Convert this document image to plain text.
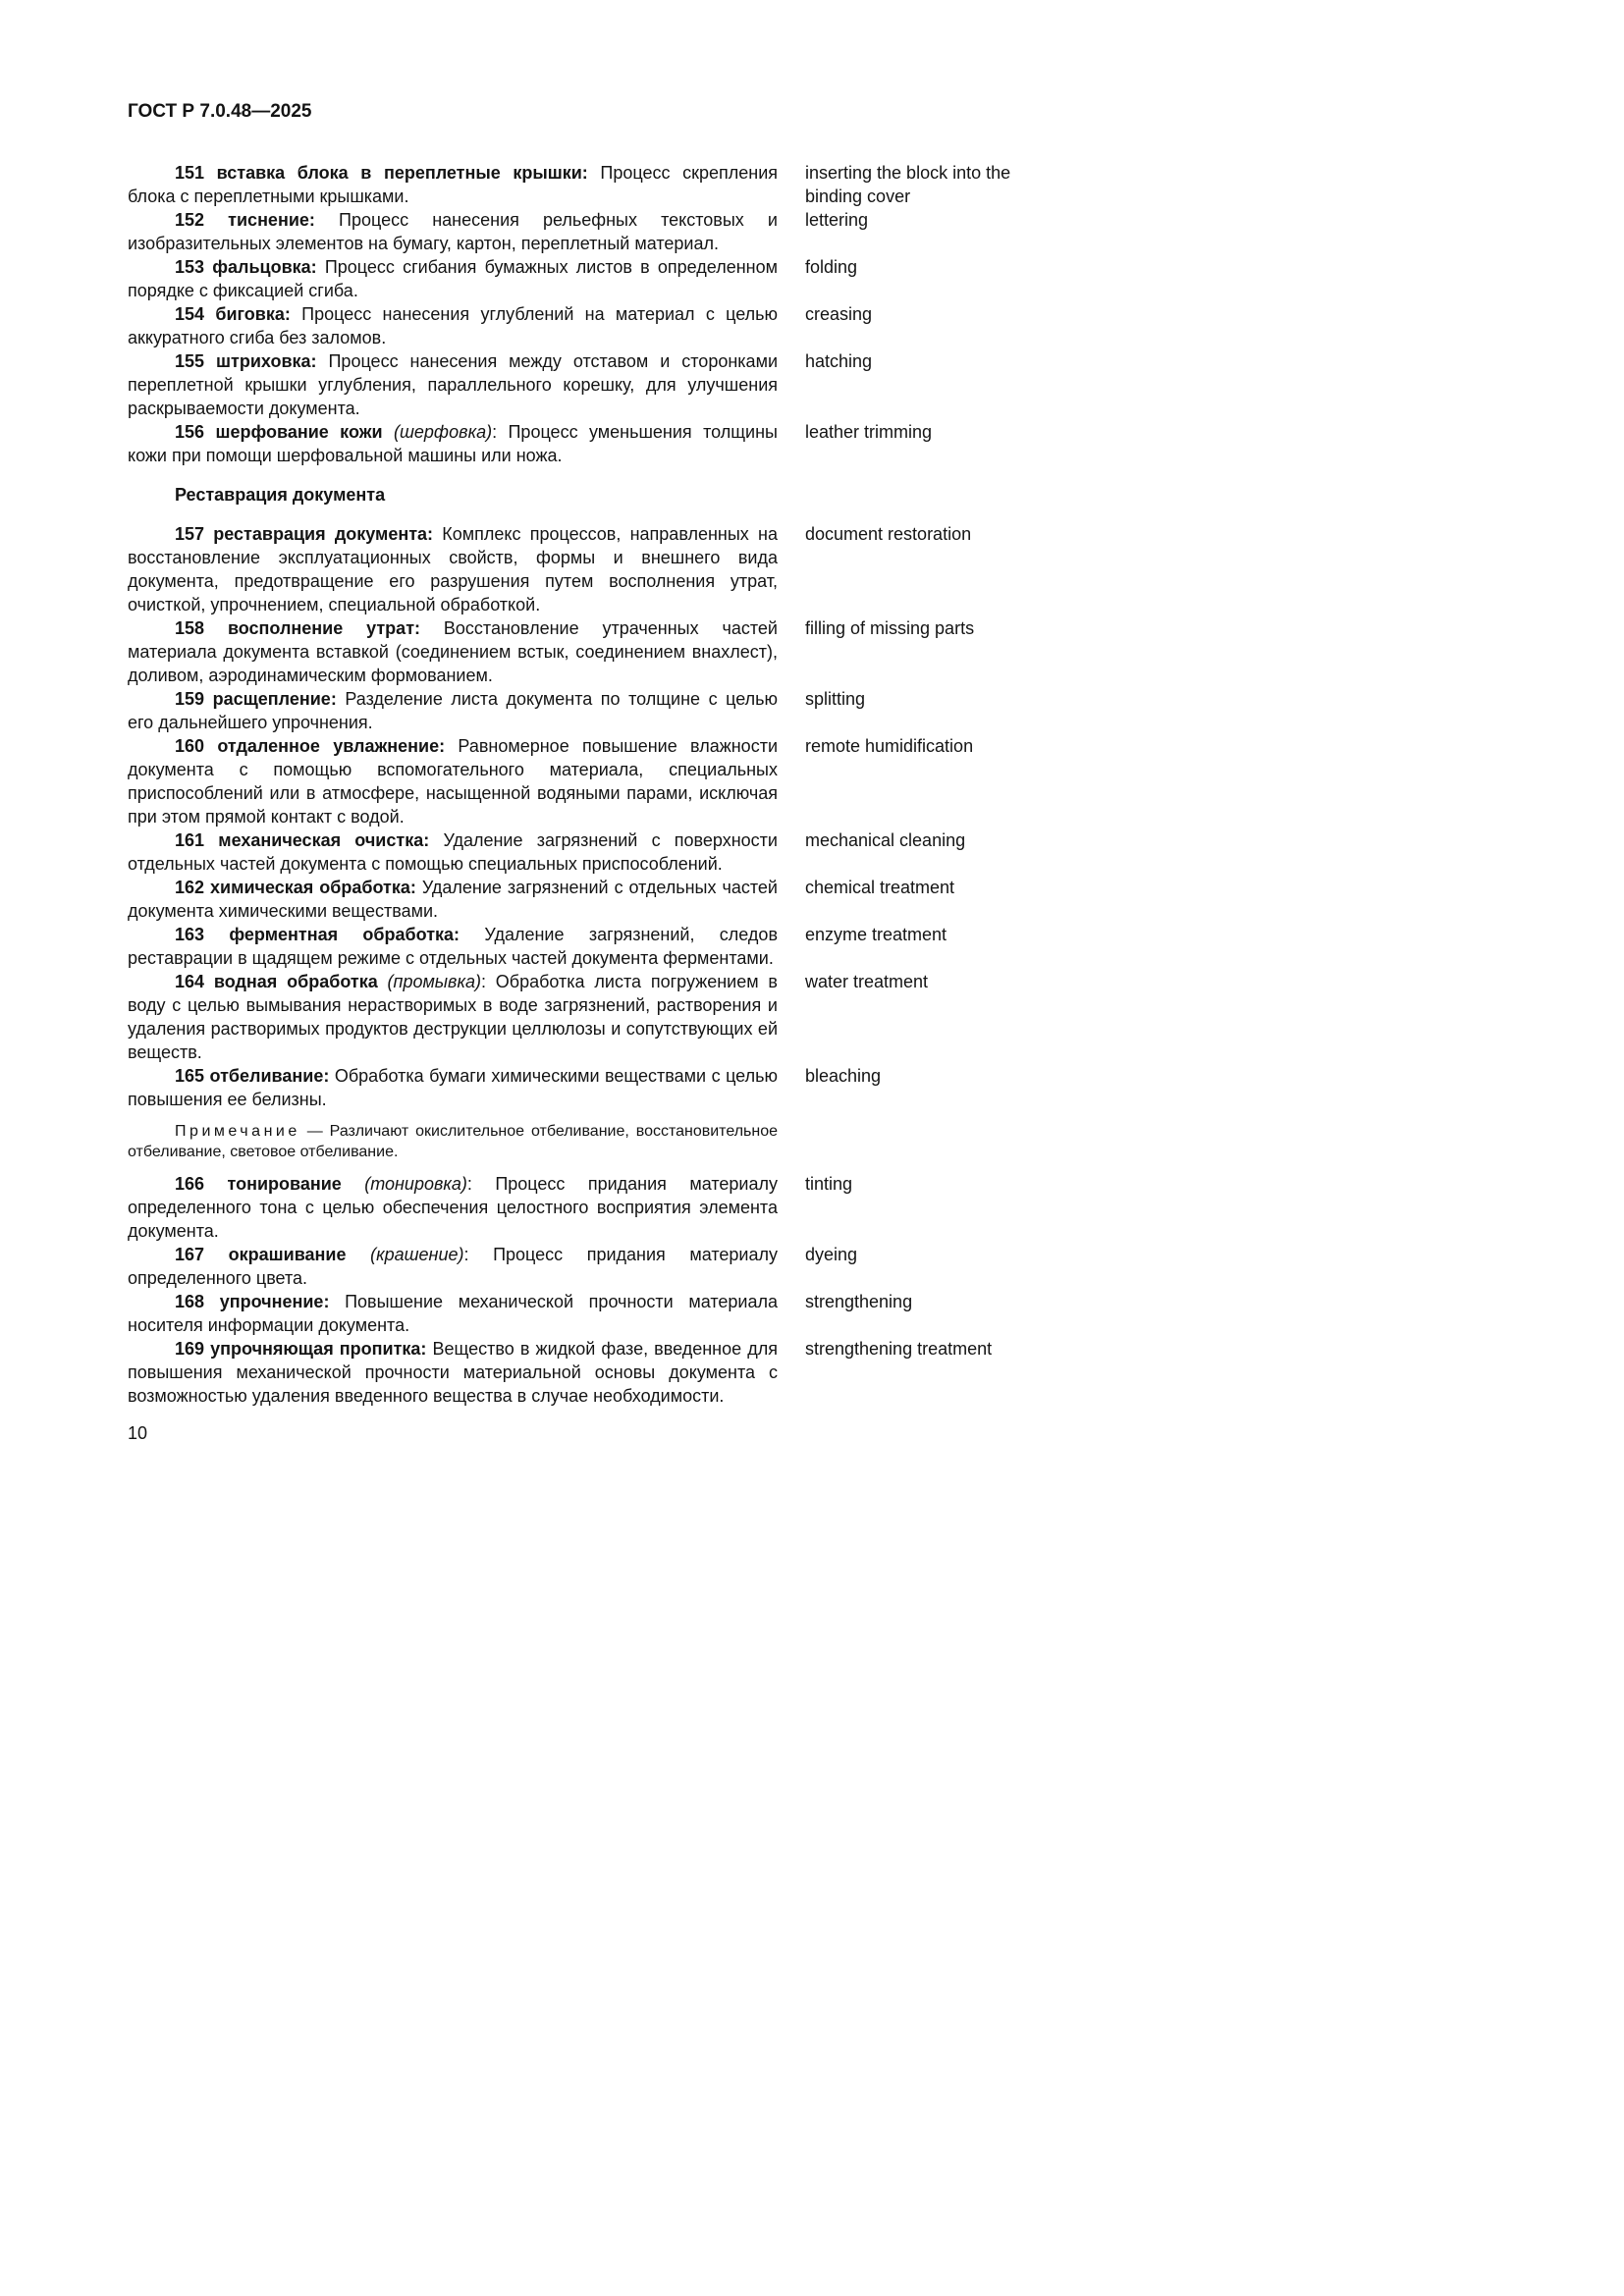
ГОСТ Р 7.0.48—2025

151 вставка блока в переплетные крышки: Процесс скрепления блока с переплетными крышками.

inserting the block into the binding cover

152 тиснение: Процесс нанесения рельефных текстовых и изобразительных элементов на бумагу, картон, переплетный материал.

lettering

153 фальцовка: Процесс сгибания бумажных листов в определенном порядке с фиксацией сгиба.

folding

154 биговка: Процесс нанесения углублений на материал с целью аккуратного сгиба без заломов.

creasing

155 штриховка: Процесс нанесения между отставом и сторонками переплетной крышки углубления, параллельного корешку, для улучшения раскрываемости документа.

hatching

156 шерфование кожи (шерфовка): Процесс уменьшения толщины кожи при помощи шерфовальной машины или ножа.

leather trimming

Реставрация документа

157 реставрация документа: Комплекс процессов, направленных на восстановление эксплуатационных свойств, формы и внешнего вида документа, предотвращение его разрушения путем восполнения утрат, очисткой, упрочнением, специальной обработкой.

document restoration

158 восполнение утрат: Восстановление утраченных частей материала документа вставкой (соединением встык, соединением внахлест), доливом, аэродинамическим формованием.

filling of missing parts

159 расщепление: Разделение листа документа по толщине с целью его дальнейшего упрочнения.

splitting

160 отдаленное увлажнение: Равномерное повышение влажности документа с помощью вспомогательного материала, специальных приспособлений или в атмосфере, насыщенной водяными парами, исключая при этом прямой контакт с водой.

remote humidification

161 механическая очистка: Удаление загрязнений с поверхности отдельных частей документа с помощью специальных приспособлений.

mechanical cleaning

162 химическая обработка: Удаление загрязнений с отдельных частей документа химическими веществами.

chemical treatment

163 ферментная обработка: Удаление загрязнений, следов реставрации в щадящем режиме с отдельных частей документа ферментами.

enzyme treatment

164 водная обработка (промывка): Обработка листа погружением в воду с целью вымывания нерастворимых в воде загрязнений, растворения и удаления растворимых продуктов деструкции целлюлозы и сопутствующих ей веществ.

water treatment

165 отбеливание: Обработка бумаги химическими веществами с целью повышения ее белизны.

bleaching

Примечание — Различают окислительное отбеливание, восстановительное отбеливание, световое отбеливание.

166 тонирование (тонировка): Процесс придания материалу определенного тона с целью обеспечения целостного восприятия элемента документа.

tinting

167 окрашивание (крашение): Процесс придания материалу определенного цвета.

dyeing

168 упрочнение: Повышение механической прочности материала носителя информации документа.

strengthening

169 упрочняющая пропитка: Вещество в жидкой фазе, введенное для повышения механической прочности материальной основы документа с возможностью удаления введенного вещества в случае необходимости.

strengthening treatment

10
